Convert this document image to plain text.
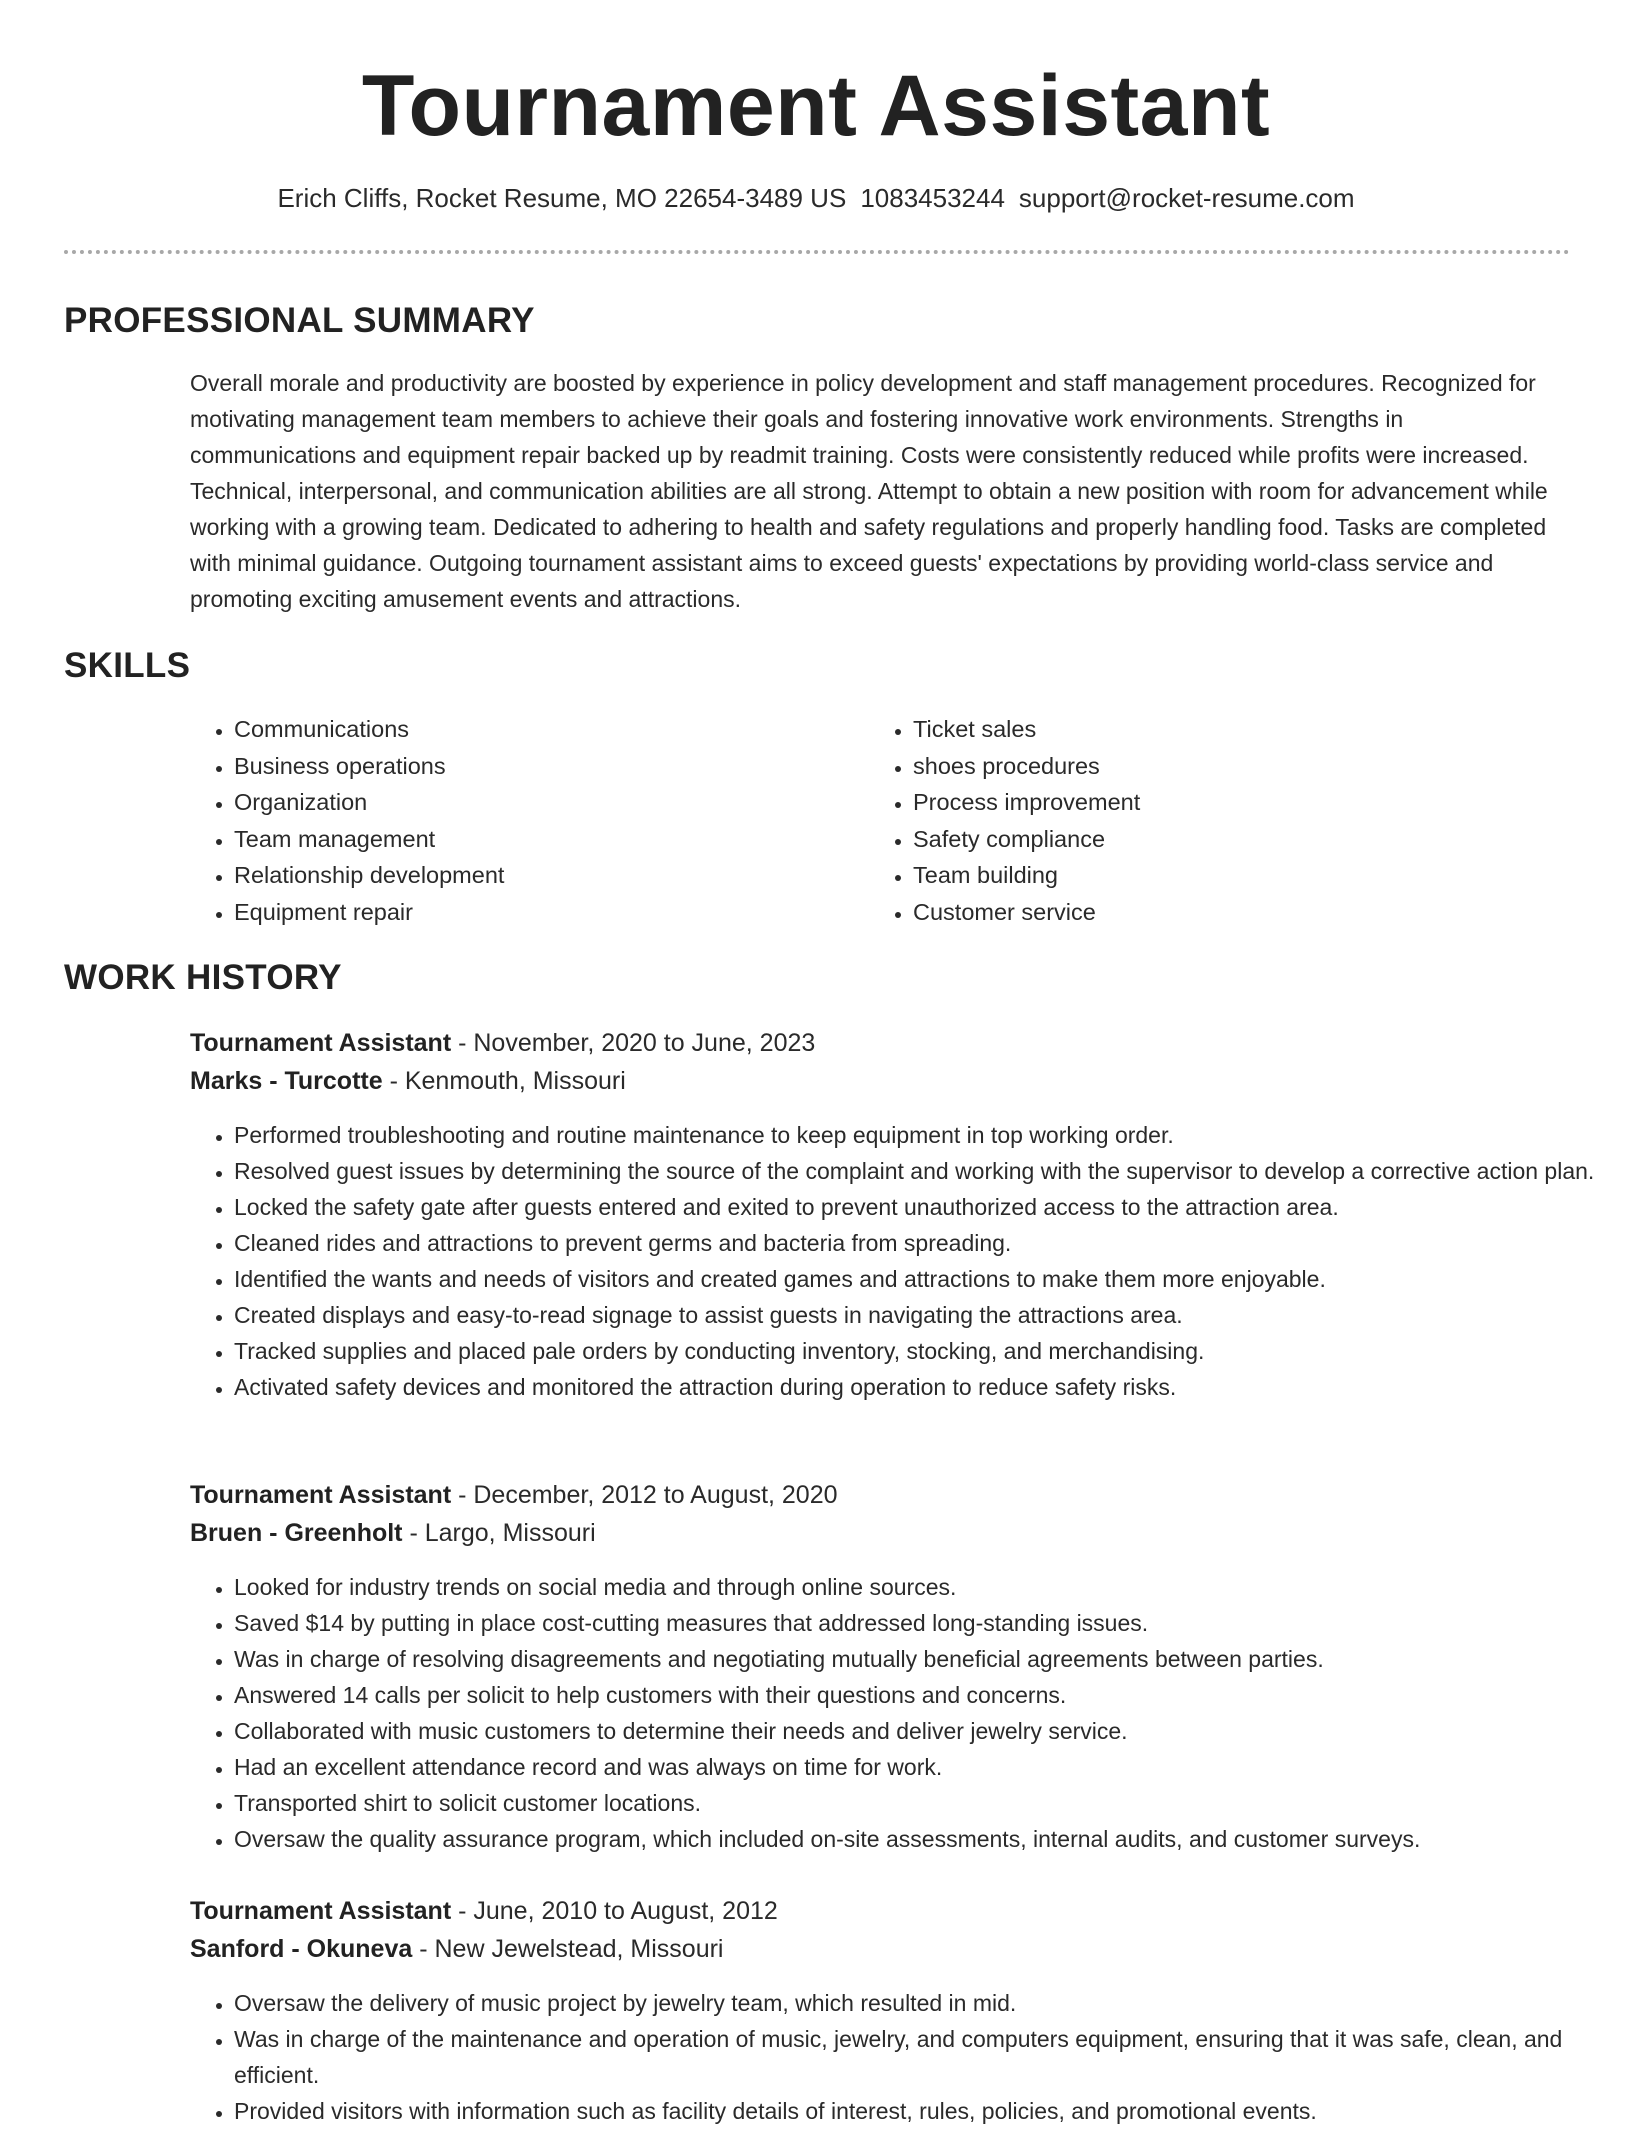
Tournament Assistant
Erich Cliffs, Rocket Resume, MO 22654-3489 US 1083453244 support@rocket-resume.com
PROFESSIONAL SUMMARY

Overall morale and productivity are boosted by experience in policy development and staff management procedures. Recognized for motivating management team members to achieve their goals and fostering innovative work environments. Strengths in communications and equipment repair backed up by readmit training. Costs were consistently reduced while profits were increased. Technical, interpersonal, and communication abilities are all strong. Attempt to obtain a new position with room for advancement while working with a growing team. Dedicated to adhering to health and safety regulations and properly handling food. Tasks are completed with minimal guidance. Outgoing tournament assistant aims to exceed guests' expectations by providing world-class service and promoting exciting amusement events and attractions.

SKILLS
• Communications
• Business operations
• Organization
• Team management
• Relationship development
• Equipment repair
• Ticket sales
• shoes procedures
• Process improvement
• Safety compliance
• Team building
• Customer service
WORK HISTORY

Tournament Assistant - November, 2020 to June, 2023

Marks - Turcotte - Kenmouth, Missouri

• Performed troubleshooting and routine maintenance to keep equipment in top working order.
• Resolved guest issues by determining the source of the complaint and working with the supervisor to develop a corrective action plan.
• Locked the safety gate after guests entered and exited to prevent unauthorized access to the attraction area.
• Cleaned rides and attractions to prevent germs and bacteria from spreading.
• Identified the wants and needs of visitors and created games and attractions to make them more enjoyable.
• Created displays and easy-to-read signage to assist guests in navigating the attractions area.
• Tracked supplies and placed pale orders by conducting inventory, stocking, and merchandising.
• Activated safety devices and monitored the attraction during operation to reduce safety risks.

Tournament Assistant - December, 2012 to August, 2020

Bruen - Greenholt - Largo, Missouri

• Looked for industry trends on social media and through online sources.
• Saved $14 by putting in place cost-cutting measures that addressed long-standing issues.
• Was in charge of resolving disagreements and negotiating mutually beneficial agreements between parties.
• Answered 14 calls per solicit to help customers with their questions and concerns.
• Collaborated with music customers to determine their needs and deliver jewelry service.
• Had an excellent attendance record and was always on time for work.
• Transported shirt to solicit customer locations.
• Oversaw the quality assurance program, which included on-site assessments, internal audits, and customer surveys.

Tournament Assistant - June, 2010 to August, 2012

Sanford - Okuneva - New Jewelstead, Missouri

• Oversaw the delivery of music project by jewelry team, which resulted in mid.
• Was in charge of the maintenance and operation of music, jewelry, and computers equipment, ensuring that it was safe, clean, and efficient.
• Provided visitors with information such as facility details of interest, rules, policies, and promotional events.
